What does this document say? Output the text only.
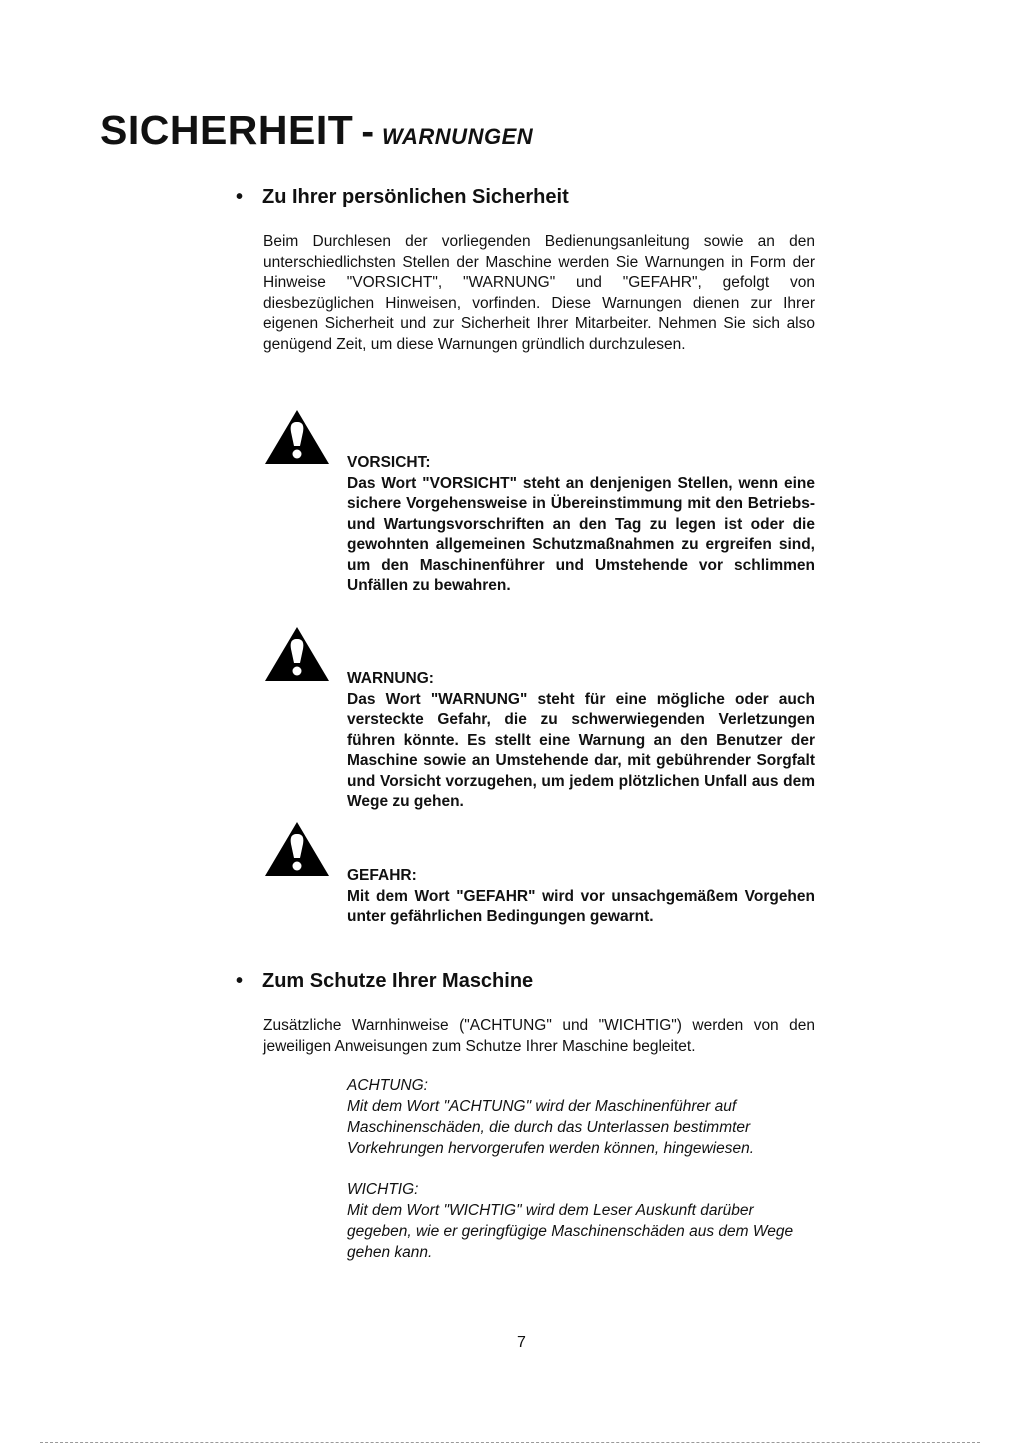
SICHERHEIT - WARNUNGEN
• Zu Ihrer persönlichen Sicherheit
Beim Durchlesen der vorliegenden Bedienungsanleitung sowie an den unterschiedlichsten Stellen der Maschine werden Sie Warnungen in Form der Hinweise "VORSICHT", "WARNUNG" und "GEFAHR", gefolgt von diesbezüglichen Hinweisen, vorfinden. Diese Warnungen dienen zur Ihrer eigenen Sicherheit und zur Sicherheit Ihrer Mitarbeiter. Nehmen Sie sich also genügend Zeit, um diese Warnungen gründlich durchzulesen.
VORSICHT:
Das Wort "VORSICHT" steht an denjenigen Stellen, wenn eine sichere Vorgehensweise in Übereinstimmung mit den Betriebs- und Wartungsvorschriften an den Tag zu legen ist oder die gewohnten allgemeinen Schutzmaßnahmen zu ergreifen sind, um den Maschinenführer und Umstehende vor schlimmen Unfällen zu bewahren.
WARNUNG:
Das Wort "WARNUNG" steht für eine mögliche oder auch versteckte Gefahr, die zu schwerwiegenden Verletzungen führen könnte. Es stellt eine Warnung an den Benutzer der Maschine sowie an Umstehende dar, mit gebührender Sorgfalt und Vorsicht vorzugehen, um jedem plötzlichen Unfall aus dem Wege zu gehen.
GEFAHR:
Mit dem Wort "GEFAHR" wird vor unsachgemäßem Vorgehen unter gefährlichen Bedingungen gewarnt.
• Zum Schutze Ihrer Maschine
Zusätzliche Warnhinweise ("ACHTUNG" und "WICHTIG") werden von den jeweiligen Anweisungen zum Schutze Ihrer Maschine begleitet.
ACHTUNG:
Mit dem Wort "ACHTUNG" wird der Maschinenführer auf Maschinenschäden, die durch das Unterlassen bestimmter Vorkehrungen hervorgerufen werden können, hingewiesen.
WICHTIG:
Mit dem Wort "WICHTIG" wird dem Leser Auskunft darüber gegeben, wie er geringfügige Maschinenschäden aus dem Wege gehen kann.
7
